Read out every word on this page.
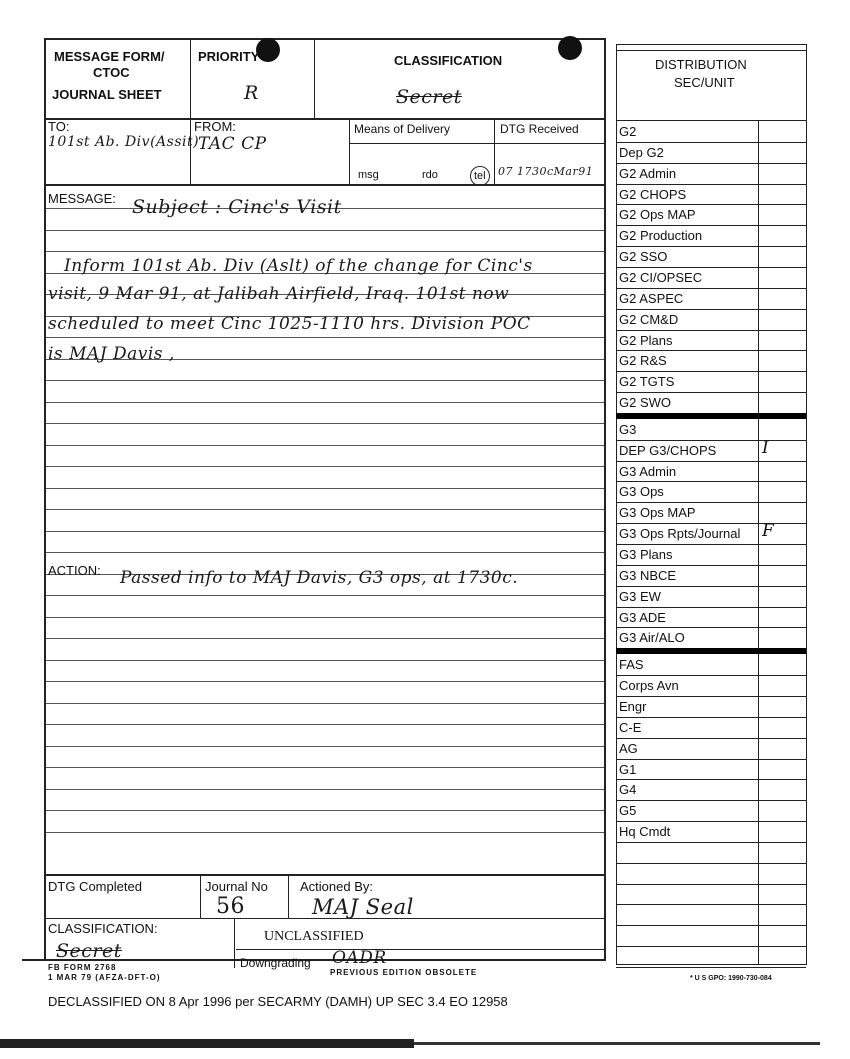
MESSAGE FORM/
CTOC
JOURNAL SHEET
PRIORITY
R
CLASSIFICATION
Secret
TO:
101st Ab. Div(Assit)
FROM:
TAC CP
Means of Delivery	DTG Received
msg	rdo	tel	07 1730cMar91
MESSAGE: Subject : Cinc's Visit
Inform 101st Ab. Div (Aslt) of the change for Cinc's
visit, 9 Mar 91, at Jalibah Airfield, Iraq. 101st now
scheduled to meet Cinc 1025-1110 hrs. Division POC
is MAJ Davis ,
ACTION: Passed info to MAJ Davis, G3 ops, at 1730c.
DTG Completed	Journal No
56
Actioned By:
MAJ Seal
CLASSIFICATION:
Secret
UNCLASSIFIED
Downgrading OADR
FB FORM 2768
1 MAR 79 (AFZA-DFT-O)
PREVIOUS EDITION OBSOLETE
* U S GPO: 1990-730-084
DECLASSIFIED ON 8 Apr 1996 per SECARMY (DAMH) UP SEC 3.4 EO 12958
DISTRIBUTION
SEC/UNIT
G2
Dep G2
G2 Admin
G2 CHOPS
G2 Ops MAP
G2 Production
G2 SSO
G2 CI/OPSEC
G2 ASPEC
G2 CM&D
G2 Plans
G2 R&S
G2 TGTS
G2 SWO
G3
DEP G3/CHOPS	I
G3 Admin
G3 Ops
G3 Ops MAP
G3 Ops Rpts/Journal F
G3 Plans
G3 NBCE
G3 EW
G3 ADE
G3 Air/ALO
FAS
Corps Avn
Engr
C-E
AG
G1
G4
G5
Hq Cmdt
